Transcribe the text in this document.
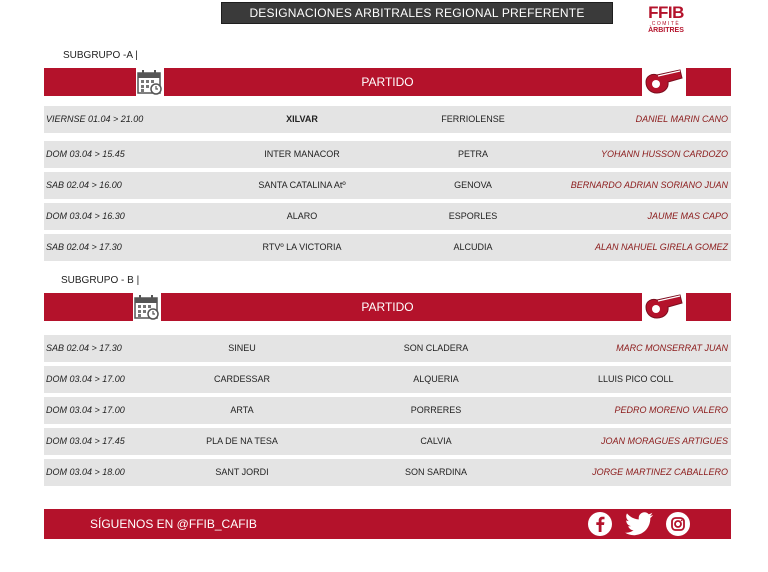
DESIGNACIONES ARBITRALES REGIONAL PREFERENTE	FFIB
COMITÈ
ÀRBITRES
SUBGRUPO -A |
PARTIDO
VIERNSE 01.04 > 21.00	XILVAR	FERRIOLENSE	DANIEL MARIN CANO
DOM 03.04 > 15.45	INTER MANACOR	PETRA	YOHANN HUSSON CARDOZO
SAB 02.04 > 16.00	SANTA CATALINA Atº	GENOVA	BERNARDO ADRIAN SORIANO JUAN
DOM 03.04 > 16.30	ALARO	ESPORLES	JAUME MAS CAPO
SAB 02.04 > 17.30	RTVº LA VICTORIA	ALCUDIA	ALAN NAHUEL GIRELA GOMEZ
SUBGRUPO - B |
PARTIDO
SAB 02.04 > 17.30	SINEU	SON CLADERA	MARC MONSERRAT JUAN
DOM 03.04 > 17.00	CARDESSAR	ALQUERIA	LLUIS PICO COLL
DOM 03.04 > 17.00	ARTA	PORRERES	PEDRO MORENO VALERO
DOM 03.04 > 17.45	PLA DE NA TESA	CALVIA	JOAN MORAGUES ARTIGUES
DOM 03.04 > 18.00	SANT JORDI	SON SARDINA	JORGE MARTINEZ CABALLERO
SÍGUENOS EN @FFIB_CAFIB
